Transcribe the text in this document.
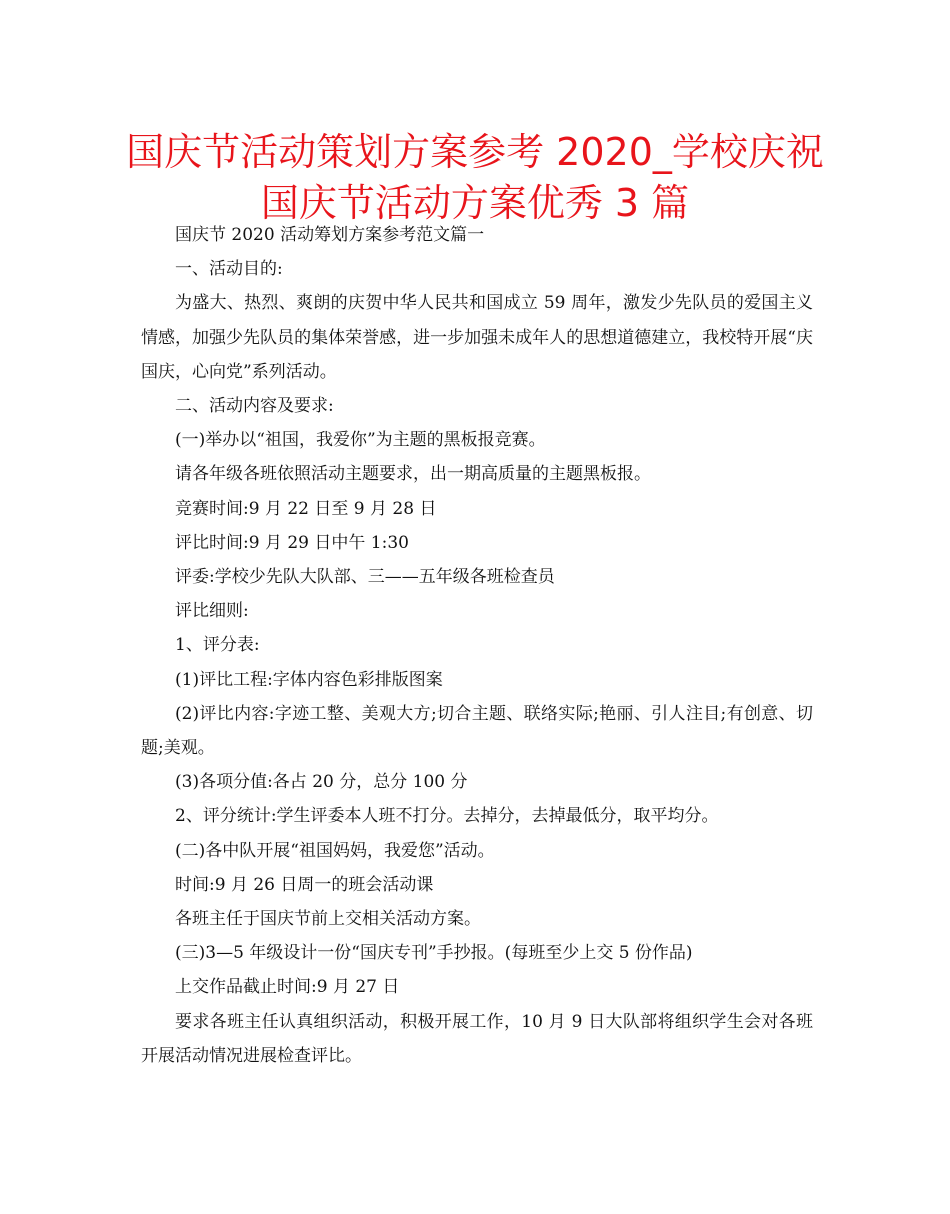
国庆节活动策划方案参考 2020_学校庆祝
国庆节活动方案优秀 3 篇

国庆节 2020 活动筹划方案参考范文篇一

一、活动目的:

为盛大、热烈、爽朗的庆贺中华人民共和国成立 59 周年，激发少先队员的爱国主义情感，加强少先队员的集体荣誉感，进一步加强未成年人的思想道德建立，我校特开展“庆国庆，心向党”系列活动。

二、活动内容及要求:

(一)举办以“祖国，我爱你”为主题的黑板报竞赛。

请各年级各班依照活动主题要求，出一期高质量的主题黑板报。

竞赛时间:9 月 22 日至 9 月 28 日

评比时间:9 月 29 日中午 1:30

评委:学校少先队大队部、三——五年级各班检查员

评比细则:

1、评分表:

(1)评比工程:字体内容色彩排版图案

(2)评比内容:字迹工整、美观大方;切合主题、联络实际;艳丽、引人注目;有创意、切题;美观。

(3)各项分值:各占 20 分，总分 100 分

2、评分统计:学生评委本人班不打分。去掉分，去掉最低分，取平均分。

(二)各中队开展“祖国妈妈，我爱您”活动。

时间:9 月 26 日周一的班会活动课

各班主任于国庆节前上交相关活动方案。

(三)3—5 年级设计一份“国庆专刊”手抄报。(每班至少上交 5 份作品)

上交作品截止时间:9 月 27 日

要求各班主任认真组织活动，积极开展工作，10 月 9 日大队部将组织学生会对各班开展活动情况进展检查评比。
